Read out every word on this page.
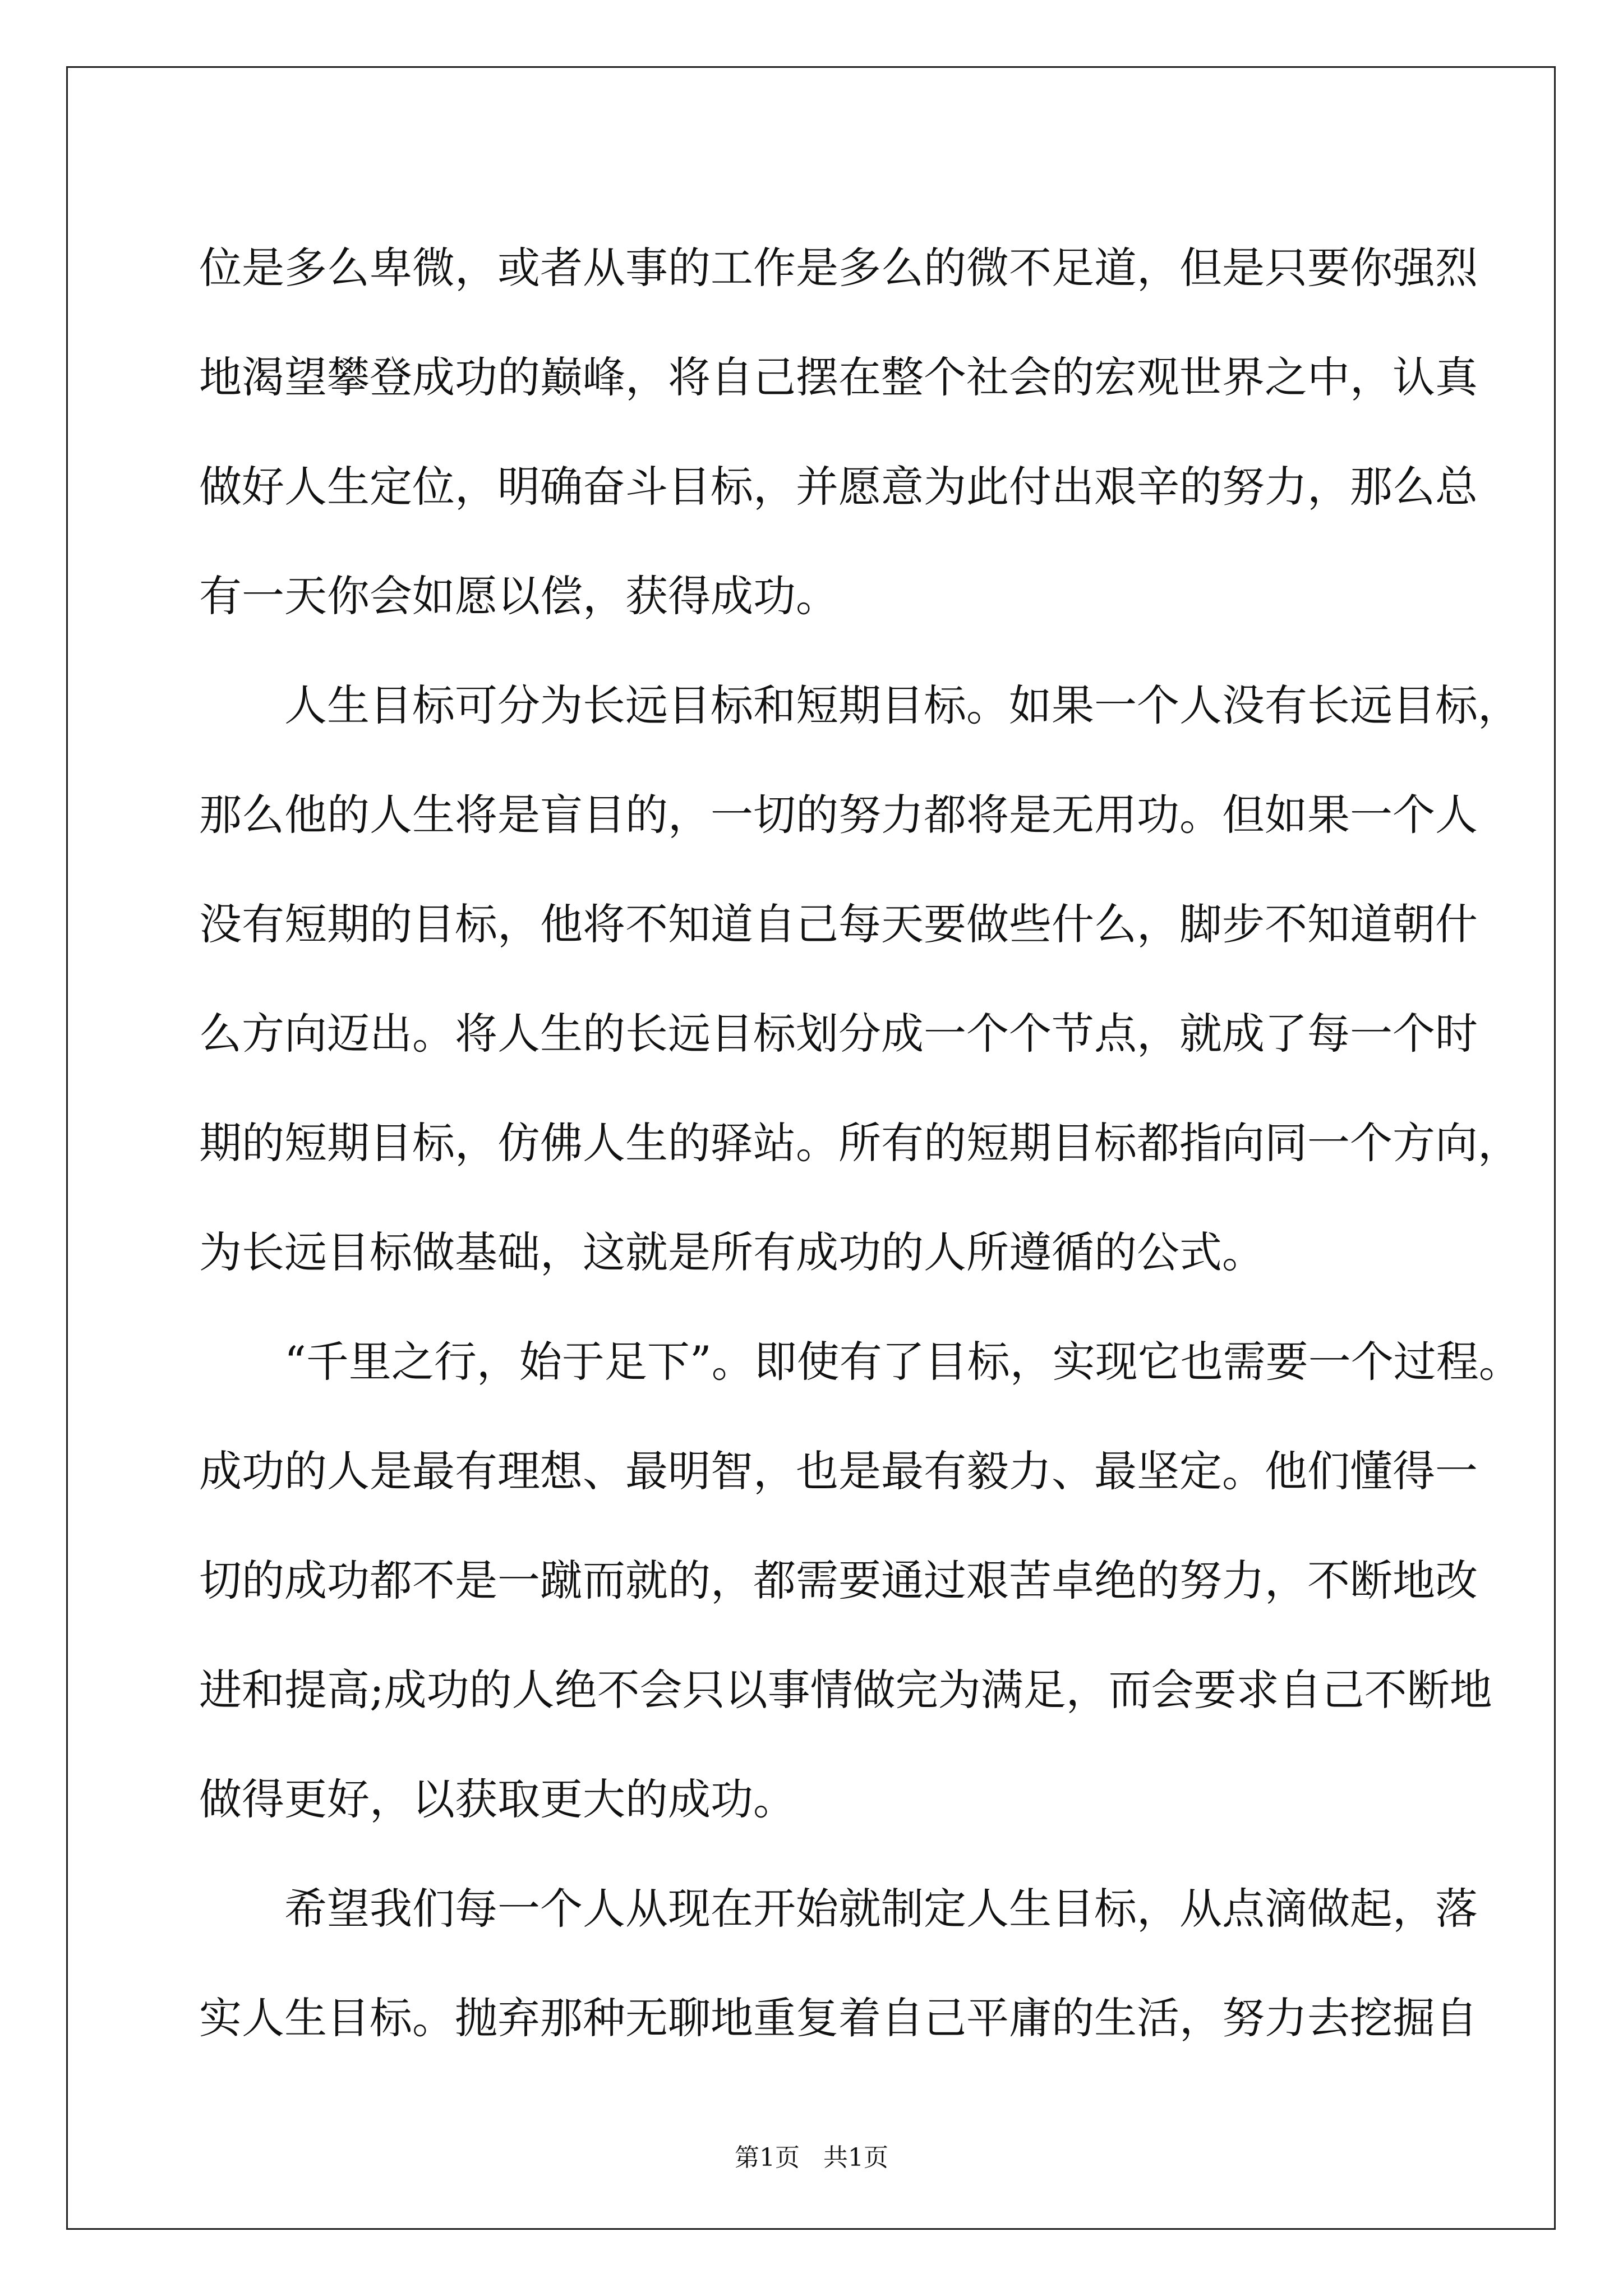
位是多么卑微，或者从事的工作是多么的微不足道，但是只要你强烈
地渴望攀登成功的巅峰，将自己摆在整个社会的宏观世界之中，认真
做好人生定位，明确奋斗目标，并愿意为此付出艰辛的努力，那么总
有一天你会如愿以偿，获得成功。
人生目标可分为长远目标和短期目标。如果一个人没有长远目标，
那么他的人生将是盲目的，一切的努力都将是无用功。但如果一个人
没有短期的目标，他将不知道自己每天要做些什么，脚步不知道朝什
么方向迈出。将人生的长远目标划分成一个个节点，就成了每一个时
期的短期目标，仿佛人生的驿站。所有的短期目标都指向同一个方向，
为长远目标做基础，这就是所有成功的人所遵循的公式。
“千里之行，始于足下”。即使有了目标，实现它也需要一个过程。
成功的人是最有理想、最明智，也是最有毅力、最坚定。他们懂得一
切的成功都不是一蹴而就的，都需要通过艰苦卓绝的努力，不断地改
进和提高;成功的人绝不会只以事情做完为满足，而会要求自己不断地
做得更好，以获取更大的成功。
希望我们每一个人从现在开始就制定人生目标，从点滴做起，落
实人生目标。抛弃那种无聊地重复着自己平庸的生活，努力去挖掘自
第1页 共1页
